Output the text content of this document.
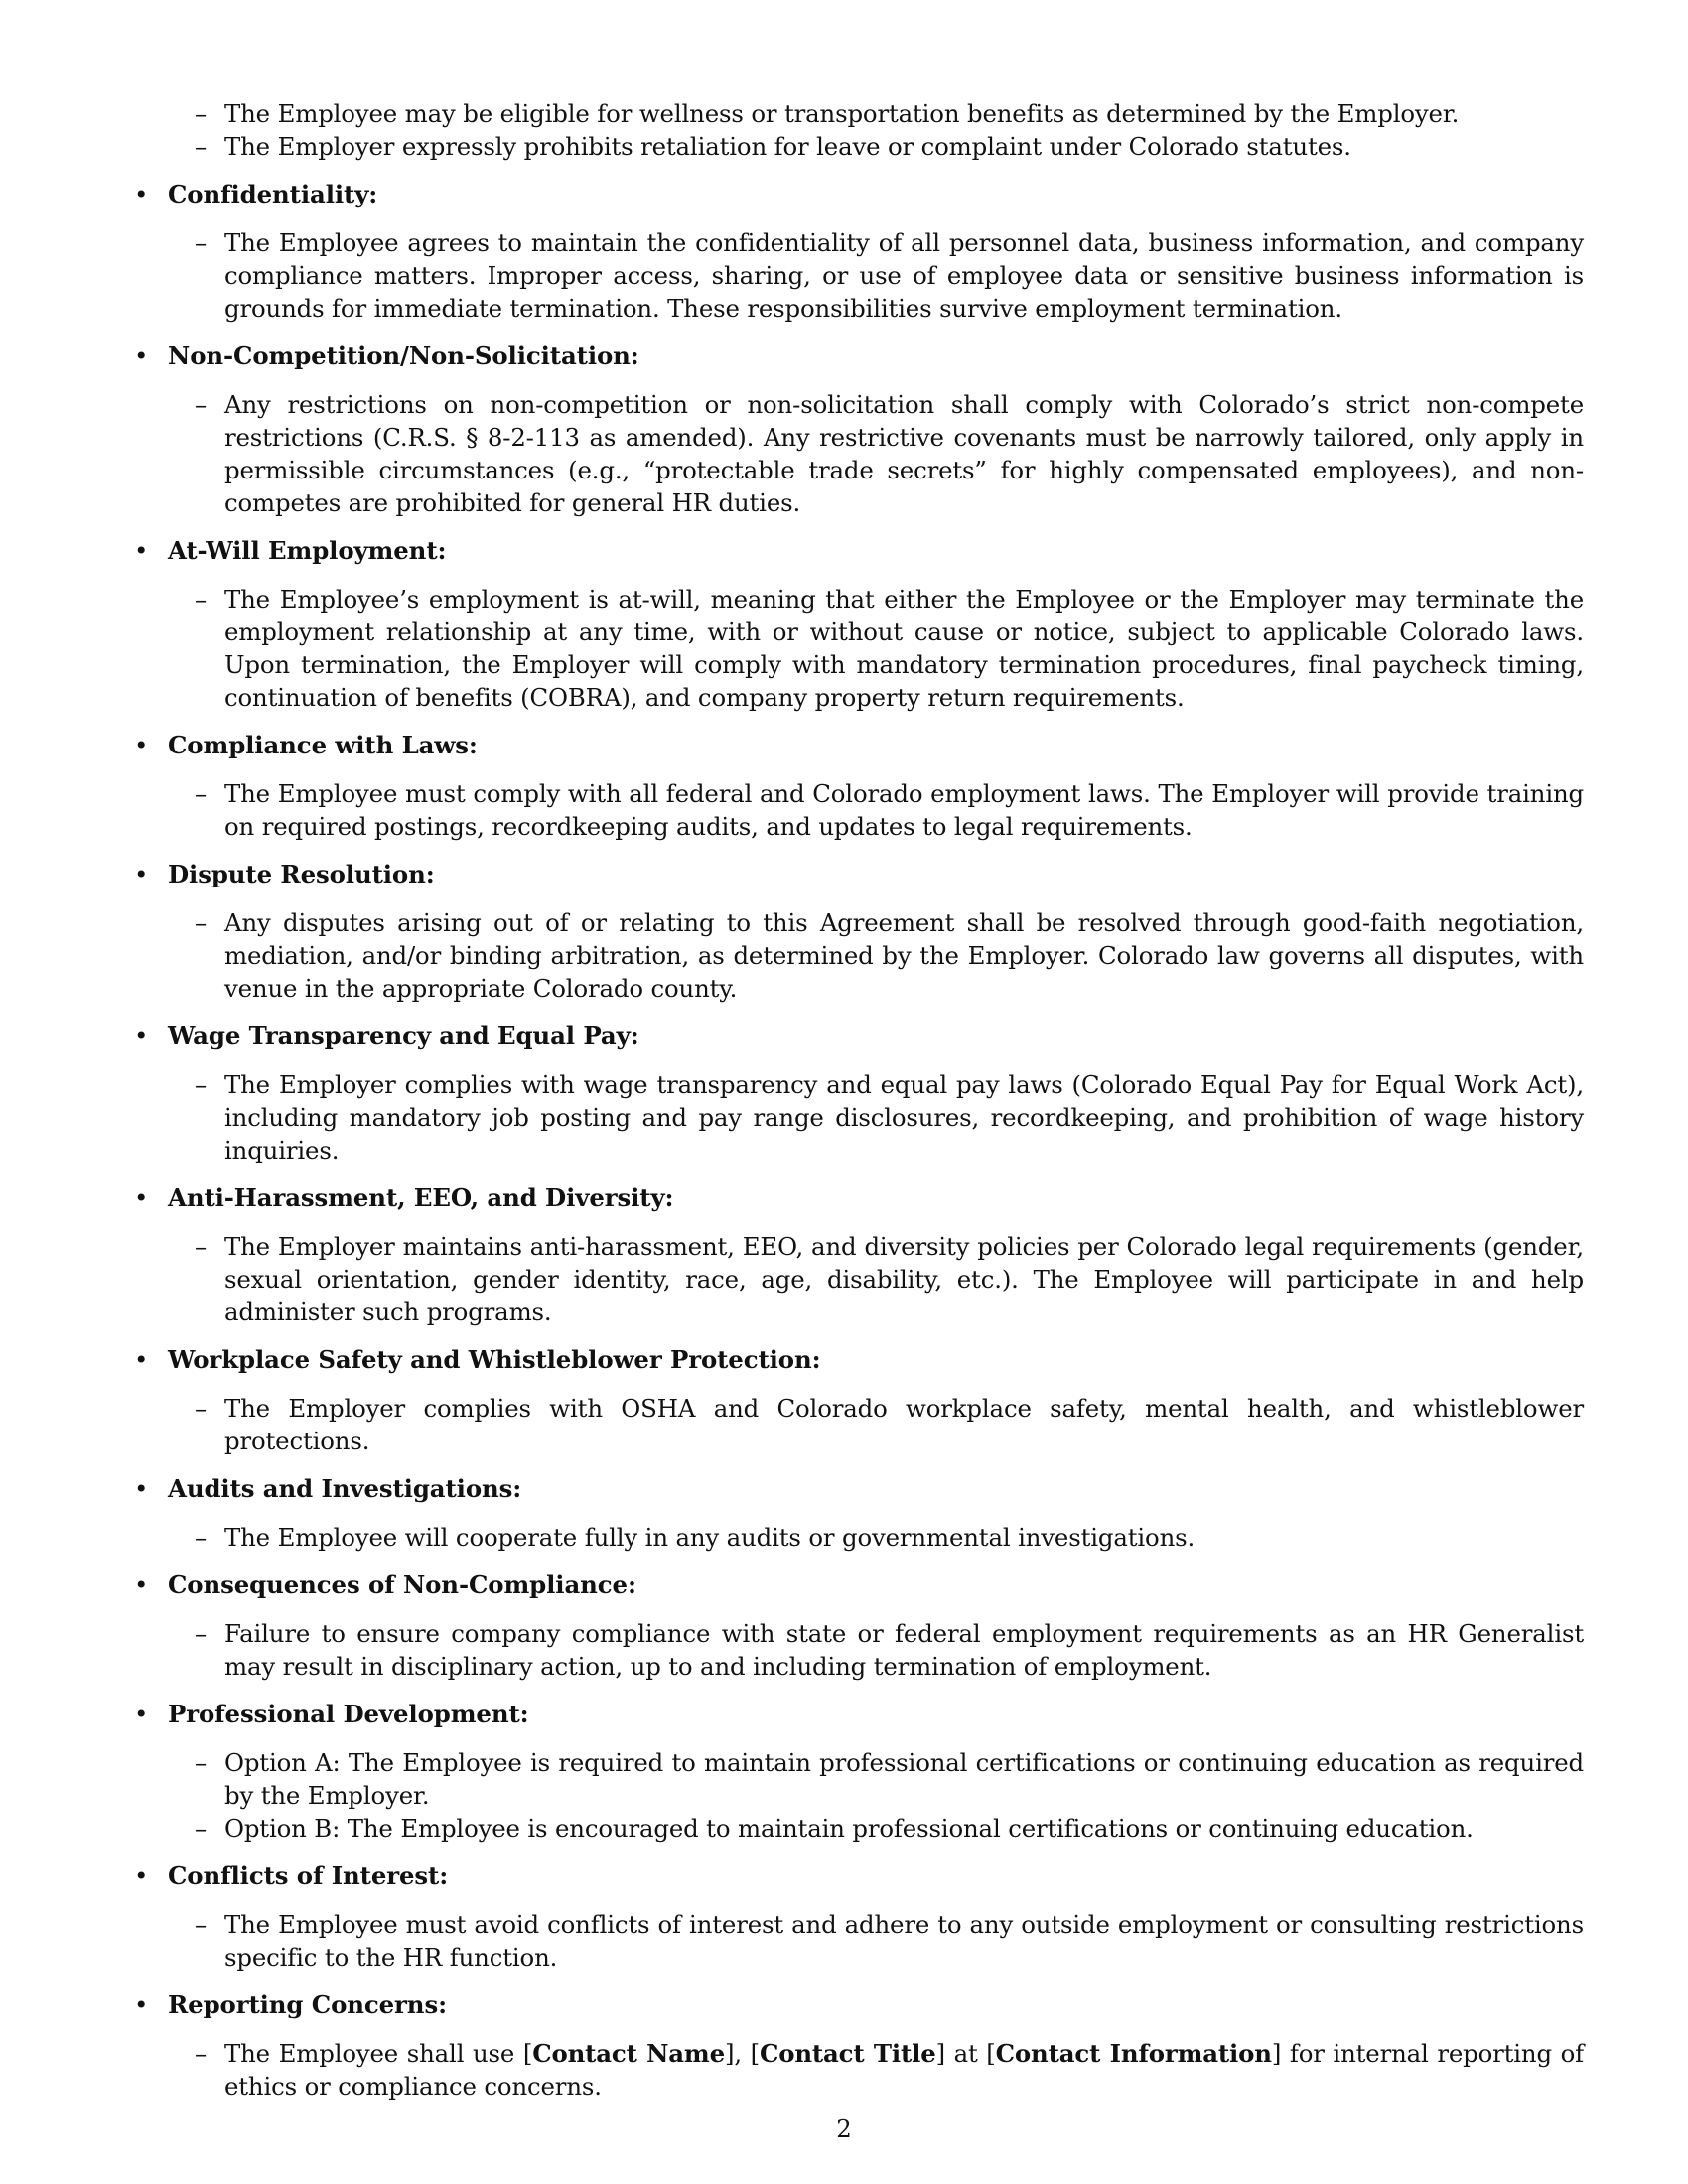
– The Employee may be eligible for wellness or transportation benefits as determined by the Employer.
– The Employer expressly prohibits retaliation for leave or complaint under Colorado statutes.
• Confidentiality:
– The Employee agrees to maintain the confidentiality of all personnel data, business information, and company compliance matters. Improper access, sharing, or use of employee data or sensitive business information is grounds for immediate termination. These responsibilities survive employment termination.
• Non-Competition/Non-Solicitation:
– Any restrictions on non-competition or non-solicitation shall comply with Colorado’s strict non-compete restrictions (C.R.S. § 8-2-113 as amended). Any restrictive covenants must be narrowly tailored, only apply in permissible circumstances (e.g., “protectable trade secrets” for highly compensated employees), and non-competes are prohibited for general HR duties.
• At-Will Employment:
– The Employee’s employment is at-will, meaning that either the Employee or the Employer may terminate the employment relationship at any time, with or without cause or notice, subject to applicable Colorado laws. Upon termination, the Employer will comply with mandatory termination procedures, final paycheck timing, continuation of benefits (COBRA), and company property return requirements.
• Compliance with Laws:
– The Employee must comply with all federal and Colorado employment laws. The Employer will provide training on required postings, recordkeeping audits, and updates to legal requirements.
• Dispute Resolution:
– Any disputes arising out of or relating to this Agreement shall be resolved through good-faith negotiation, mediation, and/or binding arbitration, as determined by the Employer. Colorado law governs all disputes, with venue in the appropriate Colorado county.
• Wage Transparency and Equal Pay:
– The Employer complies with wage transparency and equal pay laws (Colorado Equal Pay for Equal Work Act), including mandatory job posting and pay range disclosures, recordkeeping, and prohibition of wage history inquiries.
• Anti-Harassment, EEO, and Diversity:
– The Employer maintains anti-harassment, EEO, and diversity policies per Colorado legal requirements (gender, sexual orientation, gender identity, race, age, disability, etc.). The Employee will participate in and help administer such programs.
• Workplace Safety and Whistleblower Protection:
– The Employer complies with OSHA and Colorado workplace safety, mental health, and whistleblower protections.
• Audits and Investigations:
– The Employee will cooperate fully in any audits or governmental investigations.
• Consequences of Non-Compliance:
– Failure to ensure company compliance with state or federal employment requirements as an HR Generalist may result in disciplinary action, up to and including termination of employment.
• Professional Development:
– Option A: The Employee is required to maintain professional certifications or continuing education as required by the Employer.
– Option B: The Employee is encouraged to maintain professional certifications or continuing education.
• Conflicts of Interest:
– The Employee must avoid conflicts of interest and adhere to any outside employment or consulting restrictions specific to the HR function.
• Reporting Concerns:
– The Employee shall use [Contact Name], [Contact Title] at [Contact Information] for internal reporting of ethics or compliance concerns.
2
